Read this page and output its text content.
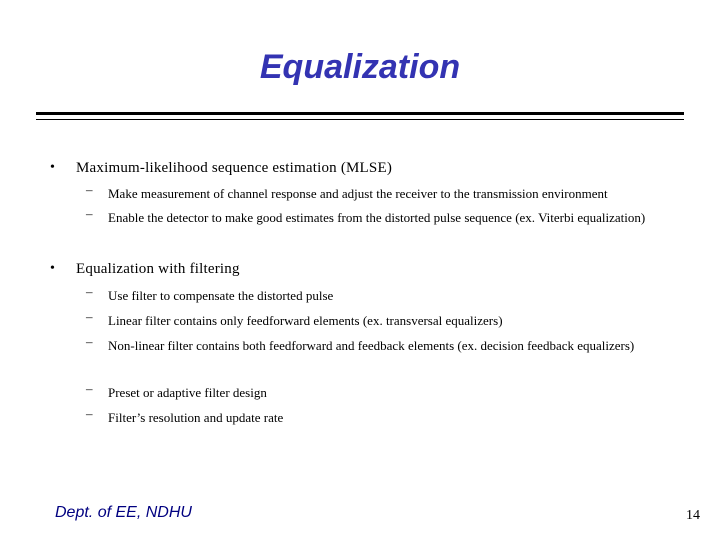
Equalization
• Maximum-likelihood sequence estimation (MLSE)
– Make measurement of channel response and adjust the receiver to the transmission environment
– Enable the detector to make good estimates from the distorted pulse sequence (ex. Viterbi equalization)
• Equalization with filtering
– Use filter to compensate the distorted pulse
– Linear filter contains only feedforward elements (ex. transversal equalizers)
– Non-linear filter contains both feedforward and feedback elements (ex. decision feedback equalizers)
– Preset or adaptive filter design
– Filter’s resolution and update rate
Dept. of EE, NDHU	14
